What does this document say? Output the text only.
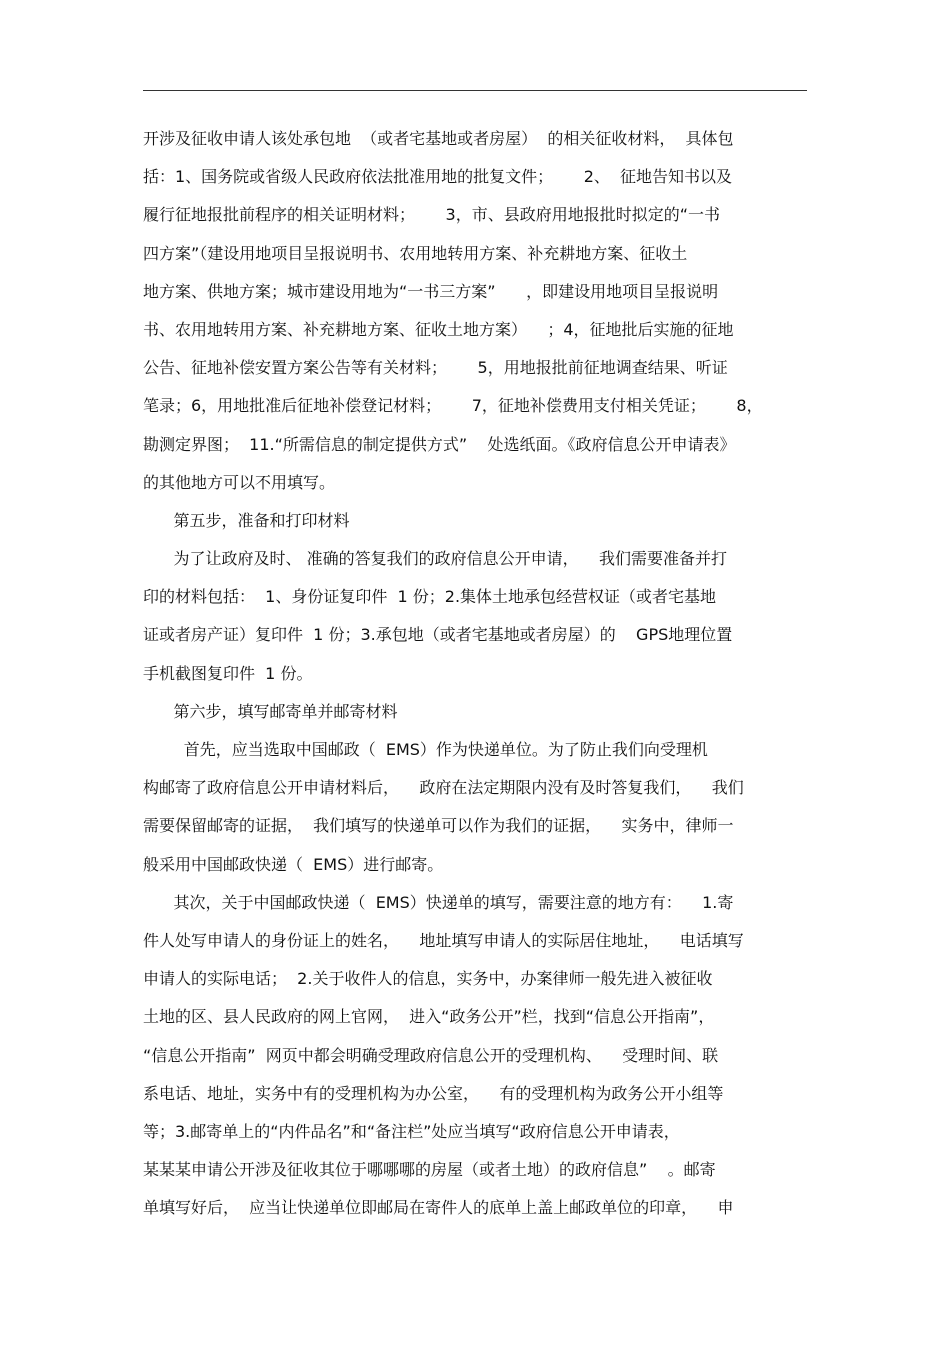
开涉及征收申请人该处承包地  （或者宅基地或者房屋）  的相关征收材料，  具体包
括：1、国务院或省级人民政府依法批准用地的批复文件；      2、  征地告知书以及
履行征地报批前程序的相关证明材料；      3，市、县政府用地报批时拟定的“一书
四方案”（建设用地项目呈报说明书、农用地转用方案、补充耕地方案、征收土
地方案、供地方案；城市建设用地为“一书三方案”      ，即建设用地项目呈报说明
书、农用地转用方案、补充耕地方案、征收土地方案）    ；4，征地批后实施的征地
公告、征地补偿安置方案公告等有关材料；      5，用地报批前征地调查结果、听证
笔录；6，用地批准后征地补偿登记材料；      7，征地补偿费用支付相关凭证；      8，
勘测定界图；  11.“所需信息的制定提供方式”    处选纸面。《政府信息公开申请表》
的其他地方可以不用填写。
第五步，准备和打印材料
为了让政府及时、 准确的答复我们的政府信息公开申请，    我们需要准备并打
印的材料包括：  1、身份证复印件  1 份；2.集体土地承包经营权证（或者宅基地
证或者房产证）复印件  1 份；3.承包地（或者宅基地或者房屋）的    GPS地理位置
手机截图复印件  1 份。
第六步，填写邮寄单并邮寄材料
首先，应当选取中国邮政（  EMS）作为快递单位。为了防止我们向受理机
构邮寄了政府信息公开申请材料后，    政府在法定期限内没有及时答复我们，    我们
需要保留邮寄的证据，  我们填写的快递单可以作为我们的证据，    实务中，律师一
般采用中国邮政快递（  EMS）进行邮寄。
其次，关于中国邮政快递（  EMS）快递单的填写，需要注意的地方有：    1.寄
件人处写申请人的身份证上的姓名，    地址填写申请人的实际居住地址，    电话填写
申请人的实际电话；  2.关于收件人的信息，实务中，办案律师一般先进入被征收
土地的区、县人民政府的网上官网，  进入“政务公开”栏，找到“信息公开指南”，
“信息公开指南”  网页中都会明确受理政府信息公开的受理机构、    受理时间、联
系电话、地址，实务中有的受理机构为办公室，    有的受理机构为政务公开小组等
等；3.邮寄单上的“内件品名”和“备注栏”处应当填写“政府信息公开申请表，
某某某申请公开涉及征收其位于哪哪哪的房屋（或者土地）的政府信息”    。邮寄
单填写好后，  应当让快递单位即邮局在寄件人的底单上盖上邮政单位的印章，    申
